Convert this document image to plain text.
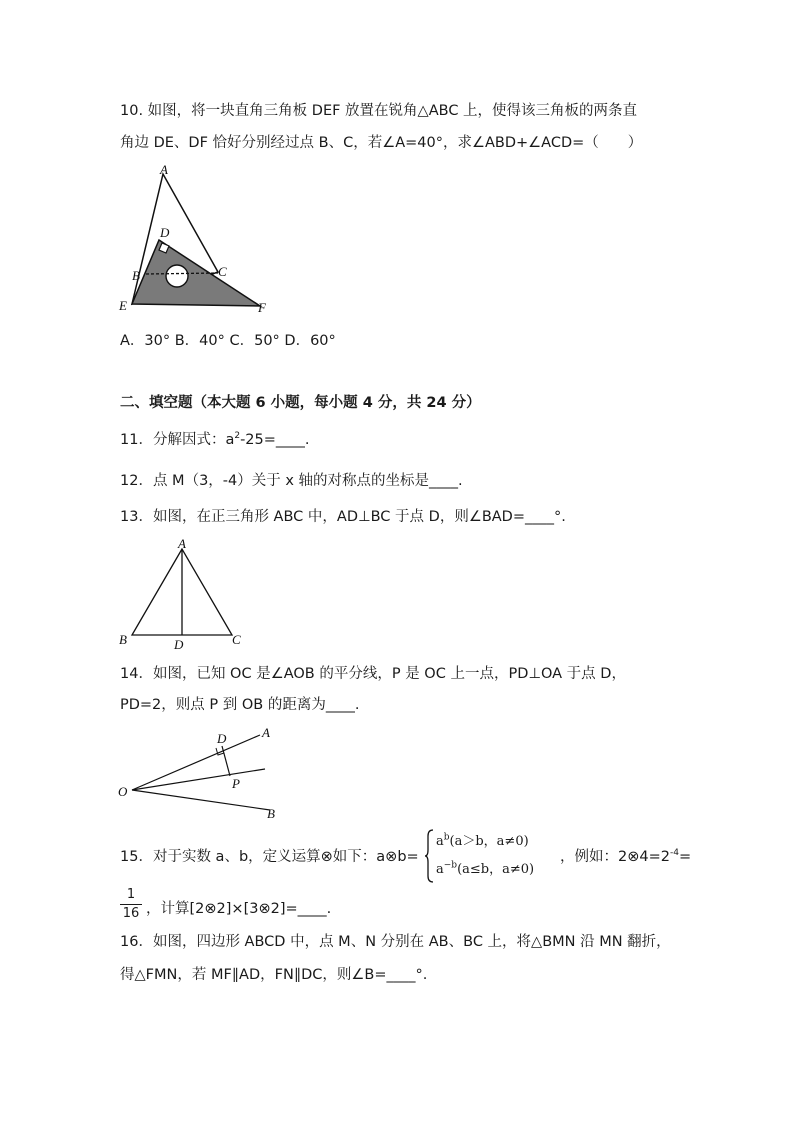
10. 如图，将一块直角三角板 DEF 放置在锐角△ABC 上，使得该三角板的两条直
角边 DE、DF 恰好分别经过点 B、C，若∠A=40°，求∠ABD+∠ACD=（　　）
A
D
B	C
E	F
A．30° B．40° C．50° D．60°
二、填空题（本大题 6 小题，每小题 4 分，共 24 分）
11．分解因式：$a^2-25=\_\_\_\_$.
12．点 M（3，-4）关于 x 轴的对称点的坐标是____.
13．如图，在正三角形 ABC 中，AD⊥BC 于点 D，则∠BAD=____°.
A
B	D	C
14．如图，已知 OC 是∠AOB 的平分线，P 是 OC 上一点，PD⊥OA 于点 D，
PD=2，则点 P 到 OB 的距离为____.
D	A
O
P
B
15．对于实数 a、b，定义运算⊗如下：a⊗b=
$a^b(a>b$，a≠0)
$a^{-b}(a\le b$，a≠0)
，例如：$2\otimes 4=2^{-4}=$
$\frac{1}{16}$ ，计算[2⊗2]×[3⊗2]=____.
16．如图，四边形 ABCD 中，点 M、N 分别在 AB、BC 上，将△BMN 沿 MN 翻折，
得△FMN，若 MF∥AD，FN∥DC，则∠B=____°.
